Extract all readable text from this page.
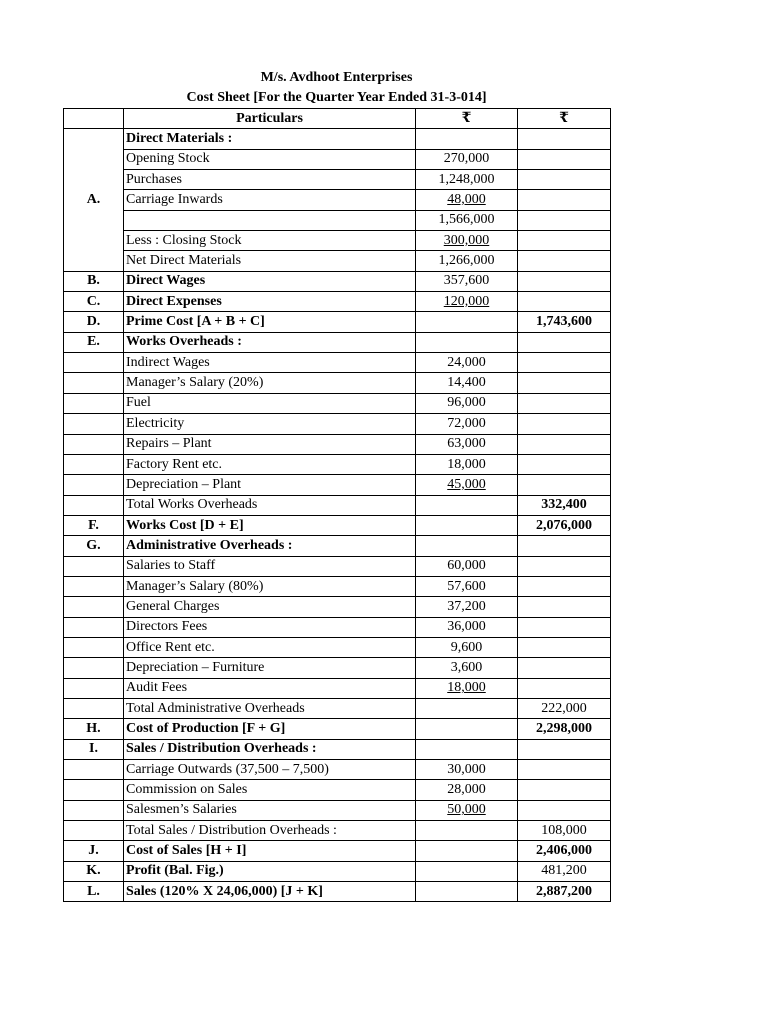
M/s. Avdhoot Enterprises
Cost Sheet [For the Quarter Year Ended 31-3-014]
	Particulars	₹	₹
A.	Direct Materials :		
	Opening Stock	270,000	
	Purchases	1,248,000	
	Carriage Inwards	48,000	
		1,566,000	
	Less : Closing Stock	300,000	
	Net Direct Materials	1,266,000	
B.	Direct Wages	357,600	
C.	Direct Expenses	120,000	
D.	Prime Cost [A + B + C]		1,743,600
E.	Works Overheads :		
	Indirect Wages	24,000	
	Manager’s Salary (20%)	14,400	
	Fuel	96,000	
	Electricity	72,000	
	Repairs – Plant	63,000	
	Factory Rent etc.	18,000	
	Depreciation – Plant	45,000	
	Total Works Overheads		332,400
F.	Works Cost [D + E]		2,076,000
G.	Administrative Overheads :		
	Salaries to Staff	60,000	
	Manager’s Salary (80%)	57,600	
	General Charges	37,200	
	Directors Fees	36,000	
	Office Rent etc.	9,600	
	Depreciation – Furniture	3,600	
	Audit Fees	18,000	
	Total Administrative Overheads		222,000
H.	Cost of Production [F + G]		2,298,000
I.	Sales / Distribution Overheads :		
	Carriage Outwards (37,500 – 7,500)	30,000	
	Commission on Sales	28,000	
	Salesmen’s Salaries	50,000	
	Total Sales / Distribution Overheads :		108,000
J.	Cost of Sales [H + I]		2,406,000
K.	Profit (Bal. Fig.)		481,200
L.	Sales (120% X 24,06,000) [J + K]		2,887,200
